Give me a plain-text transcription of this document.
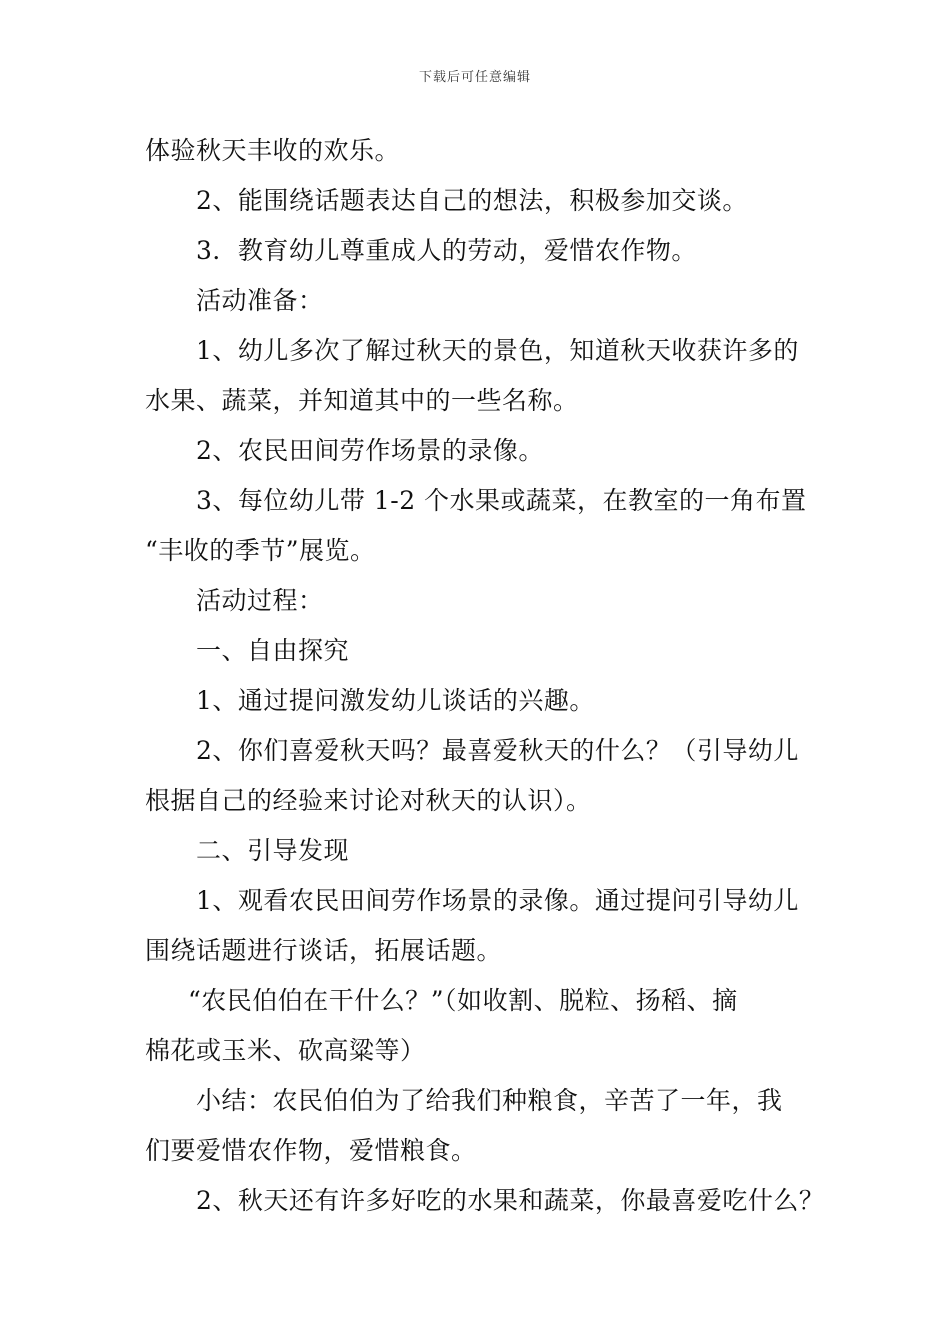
下载后可任意编辑
体验秋天丰收的欢乐。
2、能围绕话题表达自己的想法，积极参加交谈。
3．教育幼儿尊重成人的劳动，爱惜农作物。
活动准备：
1、幼儿多次了解过秋天的景色，知道秋天收获许多的
水果、蔬菜，并知道其中的一些名称。
2、农民田间劳作场景的录像。
3、每位幼儿带 1-2 个水果或蔬菜，在教室的一角布置
“丰收的季节”展览。
活动过程：
一、自由探究
1、通过提问激发幼儿谈话的兴趣。
2、你们喜爱秋天吗？最喜爱秋天的什么？（引导幼儿
根据自己的经验来讨论对秋天的认识）。
二、引导发现
1、观看农民田间劳作场景的录像。通过提问引导幼儿
围绕话题进行谈话，拓展话题。
“农民伯伯在干什么？”（如收割、脱粒、扬稻、摘
棉花或玉米、砍高粱等）
小结：农民伯伯为了给我们种粮食，辛苦了一年，我
们要爱惜农作物，爱惜粮食。
2、秋天还有许多好吃的水果和蔬菜，你最喜爱吃什么？
